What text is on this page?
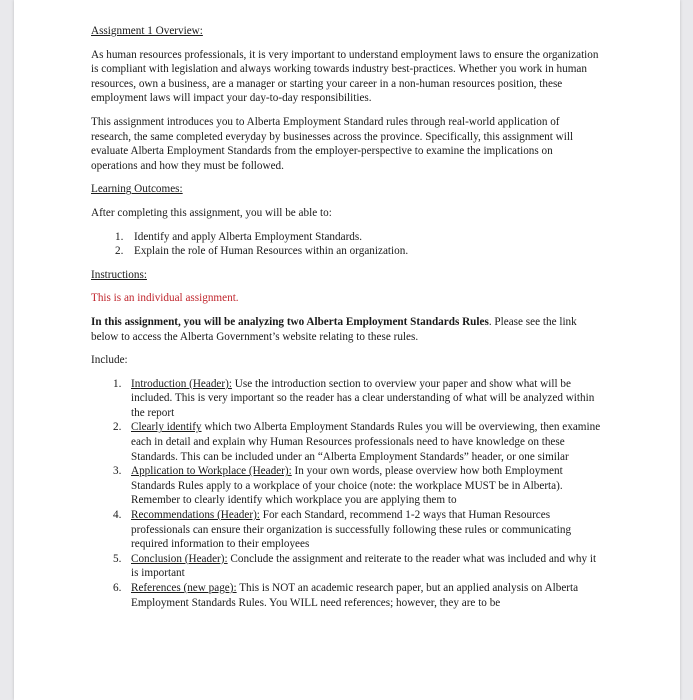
Assignment 1 Overview:

As human resources professionals, it is very important to understand employment laws to ensure the organization is compliant with legislation and always working towards industry best-practices. Whether you work in human resources, own a business, are a manager or starting your career in a non-human resources position, these employment laws will impact your day-to-day responsibilities.

This assignment introduces you to Alberta Employment Standard rules through real-world application of research, the same completed everyday by businesses across the province. Specifically, this assignment will evaluate Alberta Employment Standards from the employer-perspective to examine the implications on operations and how they must be followed.

Learning Outcomes:

After completing this assignment, you will be able to:

1. Identify and apply Alberta Employment Standards.
2. Explain the role of Human Resources within an organization.
Instructions:

This is an individual assignment.

In this assignment, you will be analyzing two Alberta Employment Standards Rules. Please see the link below to access the Alberta Government’s website relating to these rules.

Include:

1. Introduction (Header): Use the introduction section to overview your paper and show what will be included. This is very important so the reader has a clear understanding of what will be analyzed within the report
2. Clearly identify which two Alberta Employment Standards Rules you will be overviewing, then examine each in detail and explain why Human Resources professionals need to have knowledge on these Standards. This can be included under an “Alberta Employment Standards” header, or one similar
3. Application to Workplace (Header): In your own words, please overview how both Employment Standards Rules apply to a workplace of your choice (note: the workplace MUST be in Alberta). Remember to clearly identify which workplace you are applying them to
4. Recommendations (Header): For each Standard, recommend 1-2 ways that Human Resources professionals can ensure their organization is successfully following these rules or communicating required information to their employees
5. Conclusion (Header): Conclude the assignment and reiterate to the reader what was included and why it is important
6. References (new page): This is NOT an academic research paper, but an applied analysis on Alberta Employment Standards Rules. You WILL need references; however, they are to be
